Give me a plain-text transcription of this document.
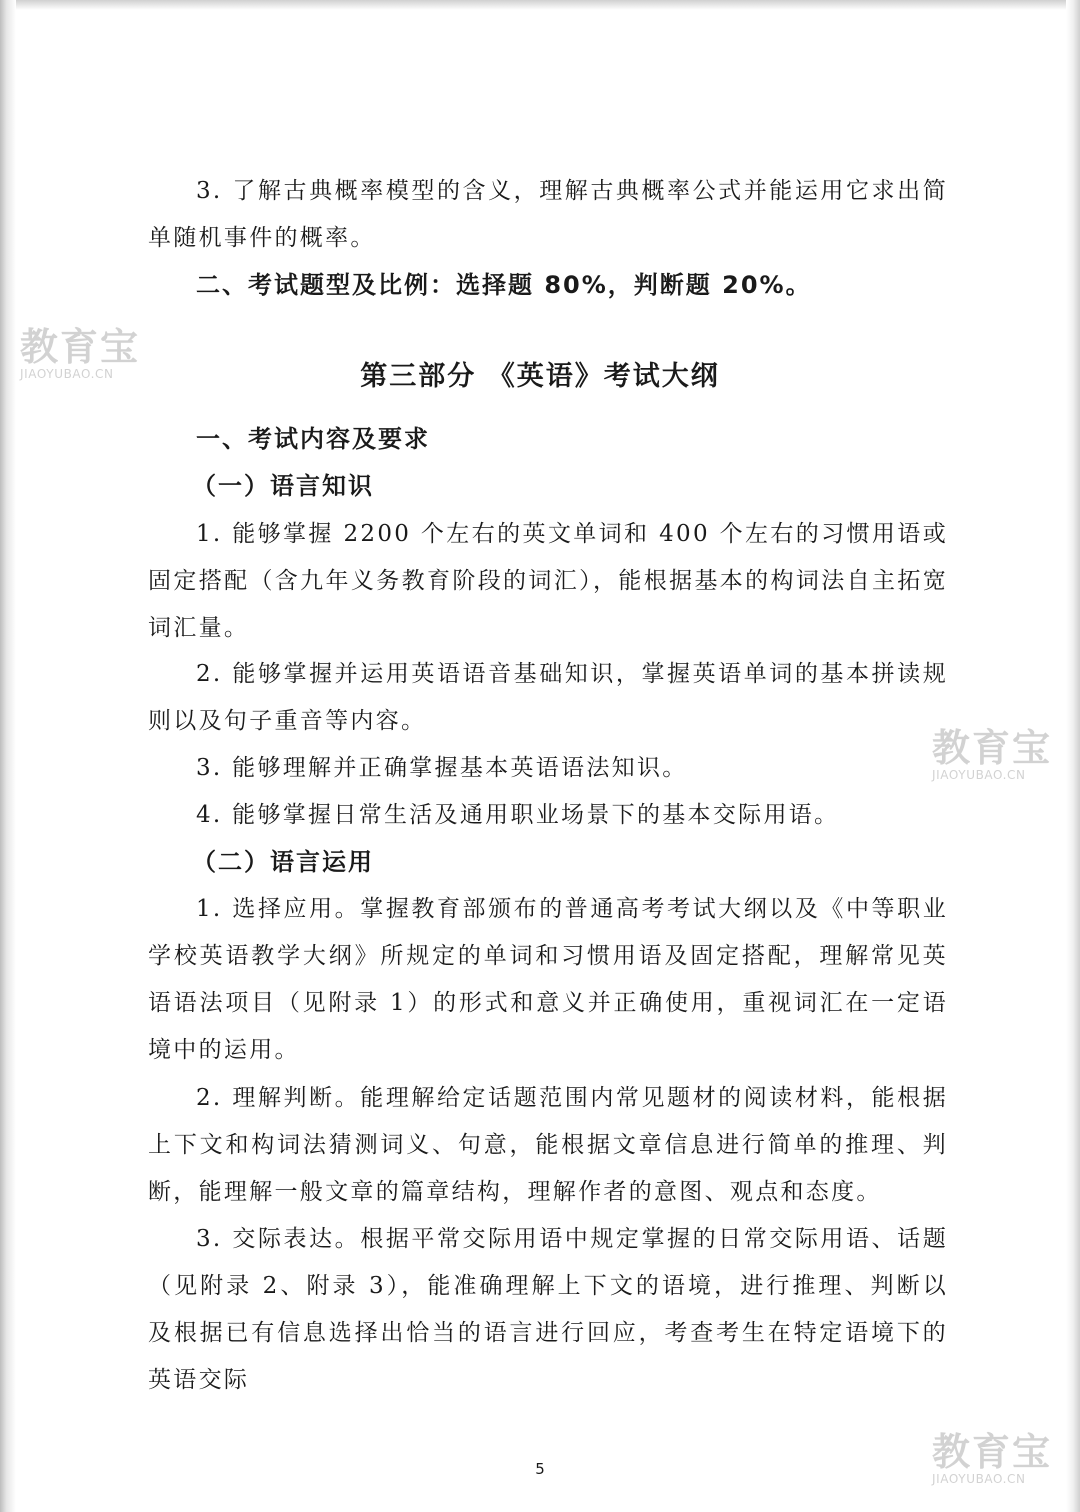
3. 了解古典概率模型的含义，理解古典概率公式并能运用它求出简单随机事件的概率。

二、考试题型及比例：选择题 80%，判断题 20%。

第三部分 《英语》考试大纲

一、考试内容及要求

（一）语言知识

1. 能够掌握 2200 个左右的英文单词和 400 个左右的习惯用语或固定搭配（含九年义务教育阶段的词汇），能根据基本的构词法自主拓宽词汇量。

2. 能够掌握并运用英语语音基础知识，掌握英语单词的基本拼读规则以及句子重音等内容。

3. 能够理解并正确掌握基本英语语法知识。

4. 能够掌握日常生活及通用职业场景下的基本交际用语。

（二）语言运用

1. 选择应用。掌握教育部颁布的普通高考考试大纲以及《中等职业学校英语教学大纲》所规定的单词和习惯用语及固定搭配，理解常见英语语法项目（见附录 1）的形式和意义并正确使用，重视词汇在一定语境中的运用。

2. 理解判断。能理解给定话题范围内常见题材的阅读材料，能根据上下文和构词法猜测词义、句意，能根据文章信息进行简单的推理、判断，能理解一般文章的篇章结构，理解作者的意图、观点和态度。

3. 交际表达。根据平常交际用语中规定掌握的日常交际用语、话题（见附录 2、附录 3），能准确理解上下文的语境，进行推理、判断以及根据已有信息选择出恰当的语言进行回应，考查考生在特定语境下的英语交际

5
教育宝
JIAOYUBAO.CN
教育宝
JIAOYUBAO.CN
教育宝
JIAOYUBAO.CN
